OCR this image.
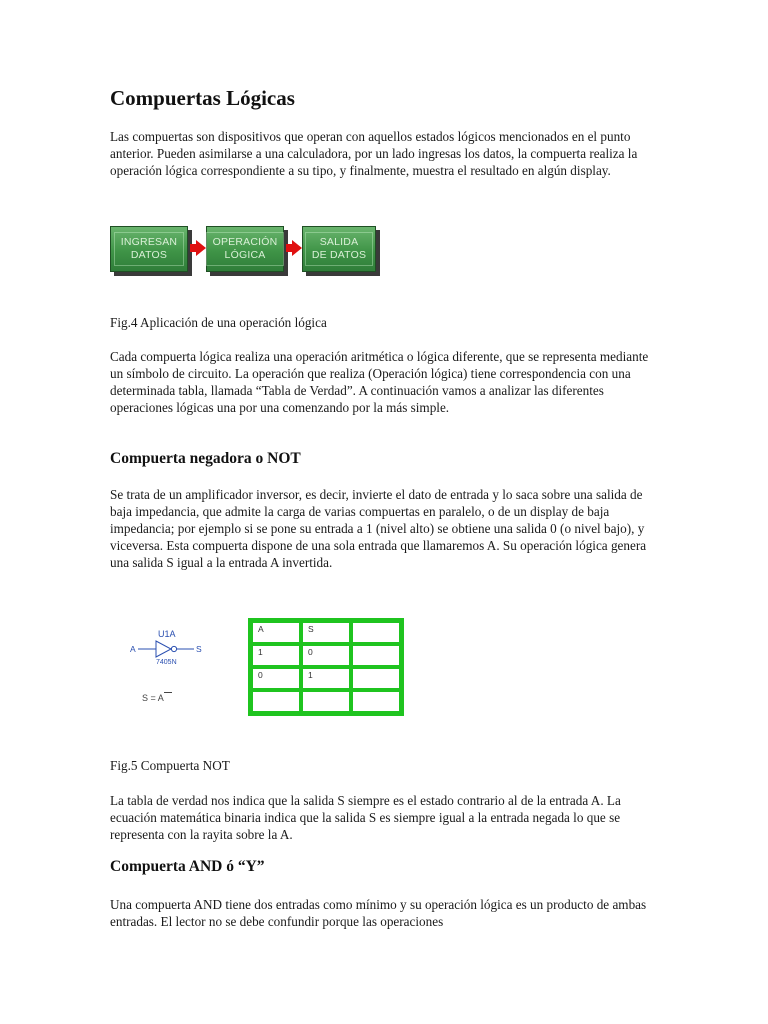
Compuertas Lógicas

Las compuertas son dispositivos que operan con aquellos estados lógicos mencionados en el punto anterior. Pueden asimilarse a una calculadora, por un lado ingresas los datos, la compuerta realiza la operación lógica correspondiente a su tipo, y finalmente, muestra el resultado en algún display.

INGRESAN
DATOS
OPERACIÓN
LÓGICA
SALIDA
DE DATOS
Fig.4 Aplicación de una operación lógica

Cada compuerta lógica realiza una operación aritmética o lógica diferente, que se representa mediante un símbolo de circuito. La operación que realiza (Operación lógica) tiene correspondencia con una determinada tabla, llamada “Tabla de Verdad”. A continuación vamos a analizar las diferentes operaciones lógicas una por una comenzando por la más simple.

Compuerta negadora o NOT

Se trata de un amplificador inversor, es decir, invierte el dato de entrada y lo saca sobre una salida de baja impedancia, que admite la carga de varias compuertas en paralelo, o de un display de baja impedancia; por ejemplo si se pone su entrada a 1 (nivel alto) se obtiene una salida 0 (o nivel bajo), y viceversa. Esta compuerta dispone de una sola entrada que llamaremos A. Su operación lógica genera una salida S igual a la entrada A invertida.

U1A
A	S
7405N
S = A
A	S	
1	0	
0	1	

Fig.5 Compuerta NOT

La tabla de verdad nos indica que la salida S siempre es el estado contrario al de la entrada A. La ecuación matemática binaria indica que la salida S es siempre igual a la entrada negada lo que se representa con la rayita sobre la A.

Compuerta AND ó “Y”

Una compuerta AND tiene dos entradas como mínimo y su operación lógica es un producto de ambas entradas. El lector no se debe confundir porque las operaciones
